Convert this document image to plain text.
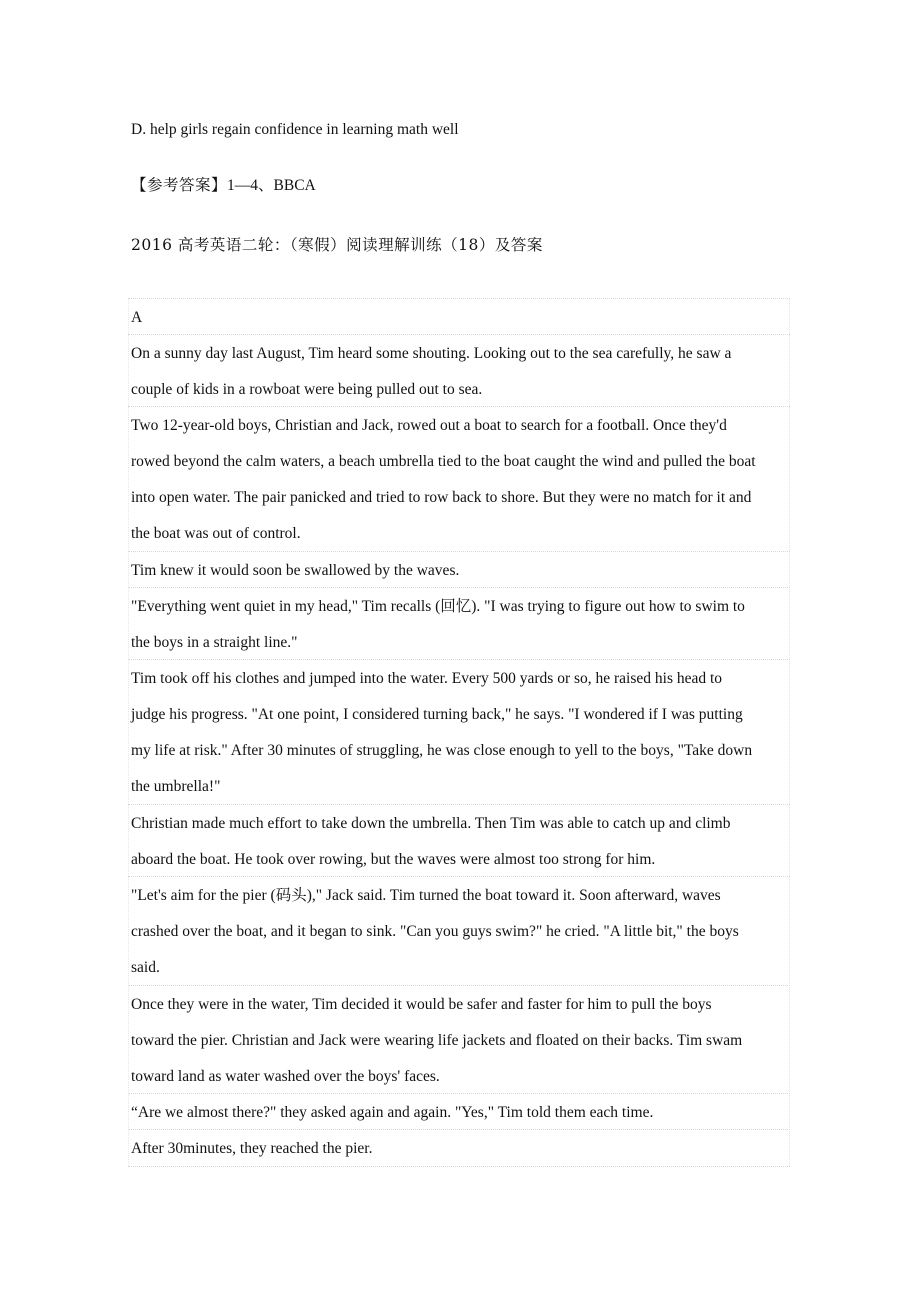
D. help girls regain confidence in learning math well
【参考答案】1—4、BBCA
2016 高考英语二轮：（寒假）阅读理解训练（18）及答案
A
On a sunny day last August, Tim heard some shouting. Looking out to the sea carefully, he saw a
couple of kids in a rowboat were being pulled out to sea.
Two 12-year-old boys, Christian and Jack, rowed out a boat to search for a football. Once they'd
rowed beyond the calm waters, a beach umbrella tied to the boat caught the wind and pulled the boat
into open water. The pair panicked and tried to row back to shore. But they were no match for it and
the boat was out of control.
Tim knew it would soon be swallowed by the waves.
"Everything went quiet in my head," Tim recalls (回忆). "I was trying to figure out how to swim to
the boys in a straight line."
Tim took off his clothes and jumped into the water. Every 500 yards or so, he raised his head to
judge his progress. "At one point, I considered turning back," he says. "I wondered if I was putting
my life at risk." After 30 minutes of struggling, he was close enough to yell to the boys, "Take down
the umbrella!"
Christian made much effort to take down the umbrella. Then Tim was able to catch up and climb
aboard the boat. He took over rowing, but the waves were almost too strong for him.
"Let's aim for the pier (码头)," Jack said. Tim turned the boat toward it. Soon afterward, waves
crashed over the boat, and it began to sink. "Can you guys swim?" he cried. "A little bit," the boys
said.
Once they were in the water, Tim decided it would be safer and faster for him to pull the boys
toward the pier. Christian and Jack were wearing life jackets and floated on their backs. Tim swam
toward land as water washed over the boys' faces.
“Are we almost there?" they asked again and again. "Yes," Tim told them each time.
After 30minutes, they reached the pier.
